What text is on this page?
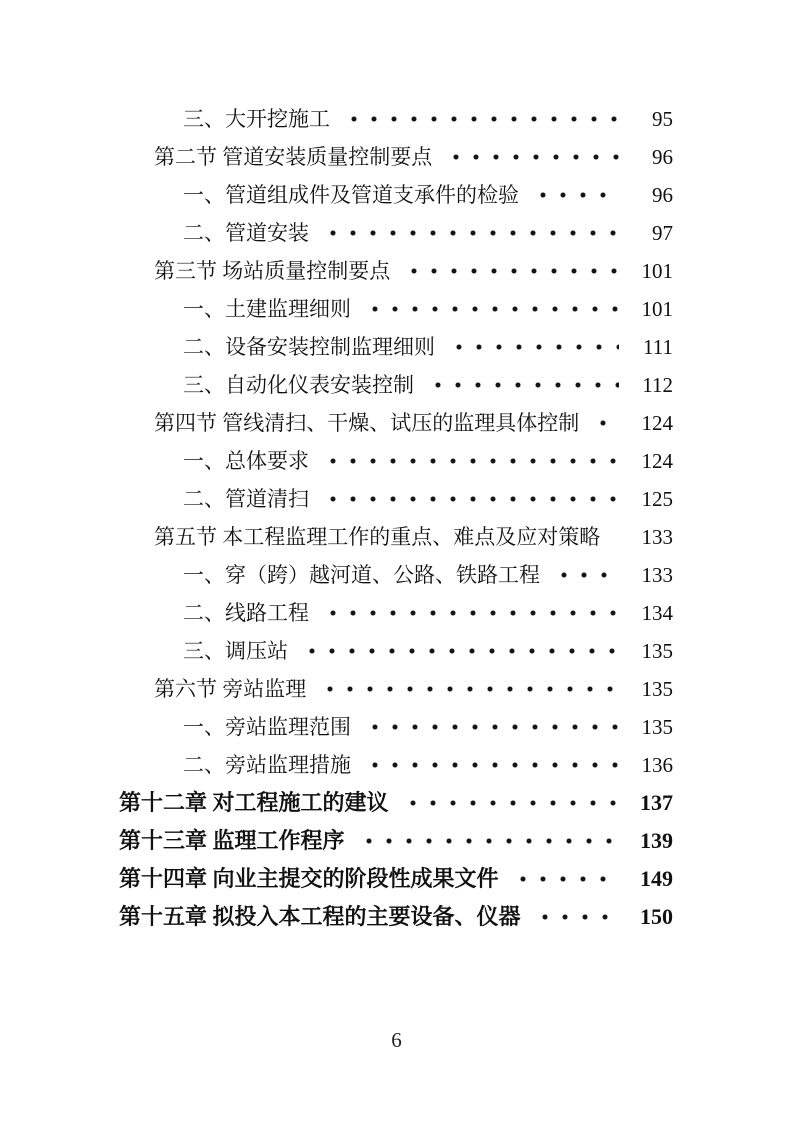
三、大开挖施工	95
第二节 管道安装质量控制要点	96
一、管道组成件及管道支承件的检验	96
二、管道安装	97
第三节 场站质量控制要点	101
一、土建监理细则	101
二、设备安装控制监理细则	111
三、自动化仪表安装控制	112
第四节 管线清扫、干燥、试压的监理具体控制	124
一、总体要求	124
二、管道清扫	125
第五节 本工程监理工作的重点、难点及应对策略	133
一、穿（跨）越河道、公路、铁路工程	133
二、线路工程	134
三、调压站	135
第六节 旁站监理	135
一、旁站监理范围	135
二、旁站监理措施	136
第十二章 对工程施工的建议	137
第十三章 监理工作程序	139
第十四章 向业主提交的阶段性成果文件	149
第十五章 拟投入本工程的主要设备、仪器	150
6
